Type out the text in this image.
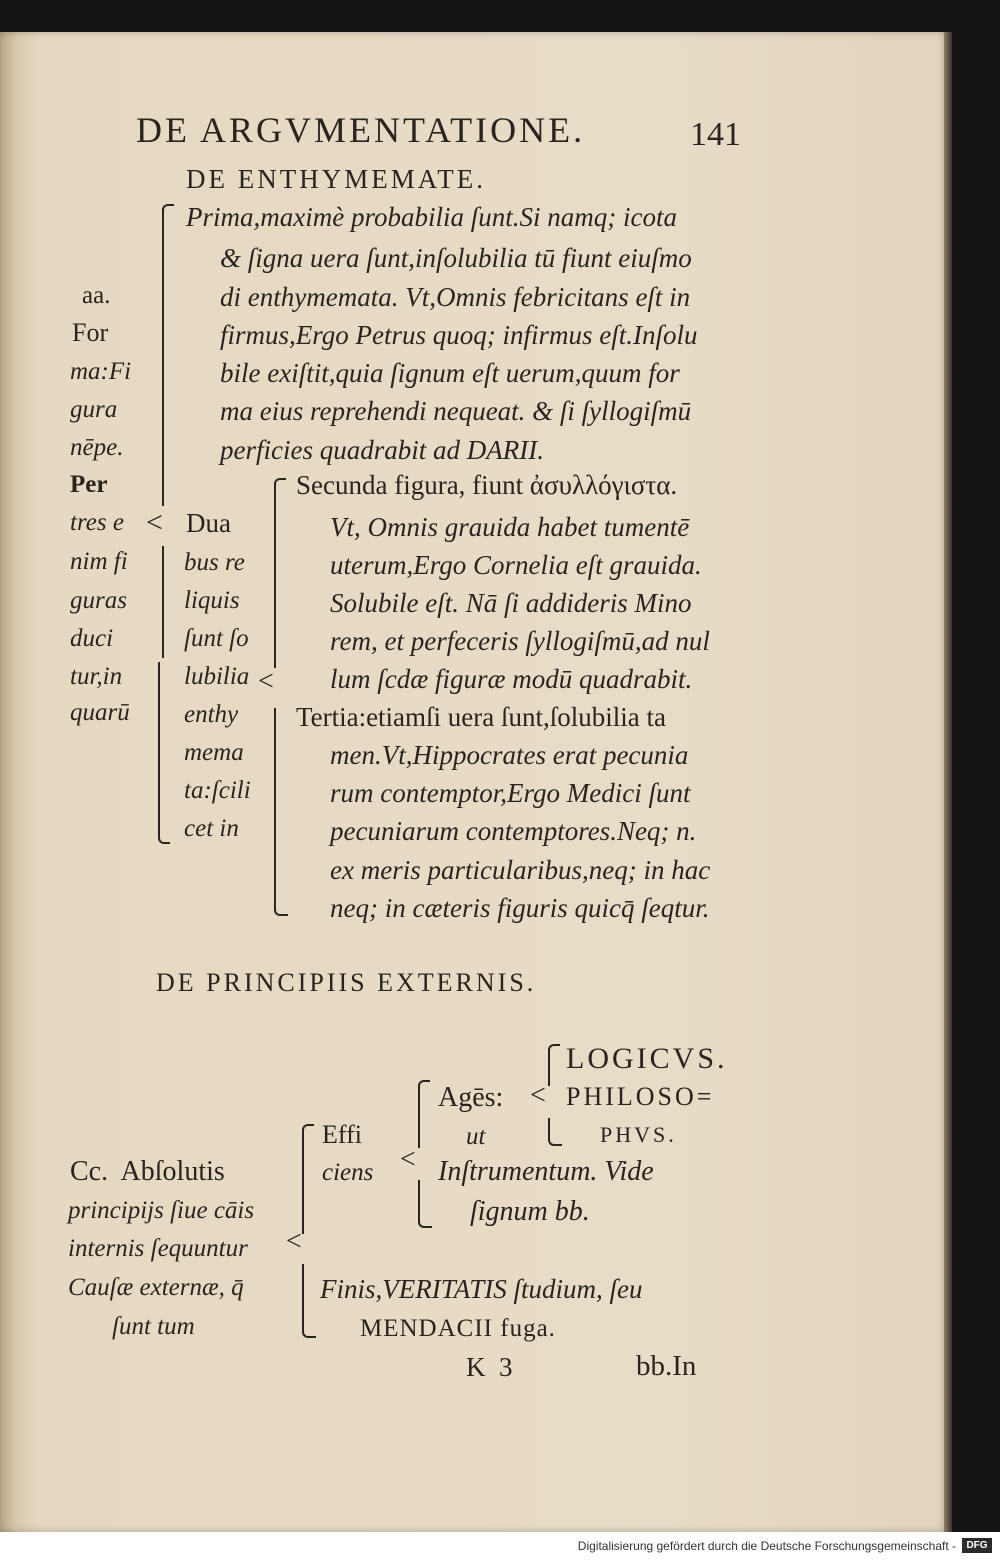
DE ARGVMENTATIONE.	141
DE ENTHYMEMATE.
aa.
For
ma:Fi
gura
nēpe.
Per
tres e
nim fi
guras
duci
tur,in
quarū
<
Prima,maximè probabilia ſunt.Si namq; icota
& ſigna uera ſunt,inſolubilia tū fiunt eiuſmo
di enthymemata. Vt,Omnis febricitans eſt in
firmus,Ergo Petrus quoq; infirmus eſt.Inſolu
bile exiſtit,quia ſignum eſt uerum,quum for
ma eius reprehendi nequeat. & ſi ſyllogiſmū
perficies quadrabit ad DARII.
Dua
bus re
liquis
ſunt ſo
lubilia
enthy
mema
ta:ſcili
cet in
<
Secunda figura, fiunt ἀσυλλόγιστα.
Vt, Omnis grauida habet tumentē
uterum,Ergo Cornelia eſt grauida.
Solubile eſt. Nā ſi addideris Mino
rem, et perfeceris ſyllogiſmū,ad nul
lum ſcdæ figuræ modū quadrabit.
Tertia:etiamſi uera ſunt,ſolubilia ta
men.Vt,Hippocrates erat pecunia
rum contemptor,Ergo Medici ſunt
pecuniarum contemptores.Neq; n.
ex meris particularibus,neq; in hac
neq; in cæteris figuris quicq̄ ſeqtur.
DE PRINCIPIIS EXTERNIS.
Cc.  Abſolutis
principijs ſiue cāis
internis ſequuntur
Cauſæ externæ, q̄
ſunt tum
<
Effi
ciens <
Agēs:
ut
<
LOGICVS.
PHILOSO=
PHVS.
Inſtrumentum. Vide
ſignum bb.
Finis,VERITATIS ſtudium, ſeu
MENDACII fuga.
K  3	bb.In
Digitalisierung gefördert durch die Deutsche Forschungsgemeinschaft -	DFG
